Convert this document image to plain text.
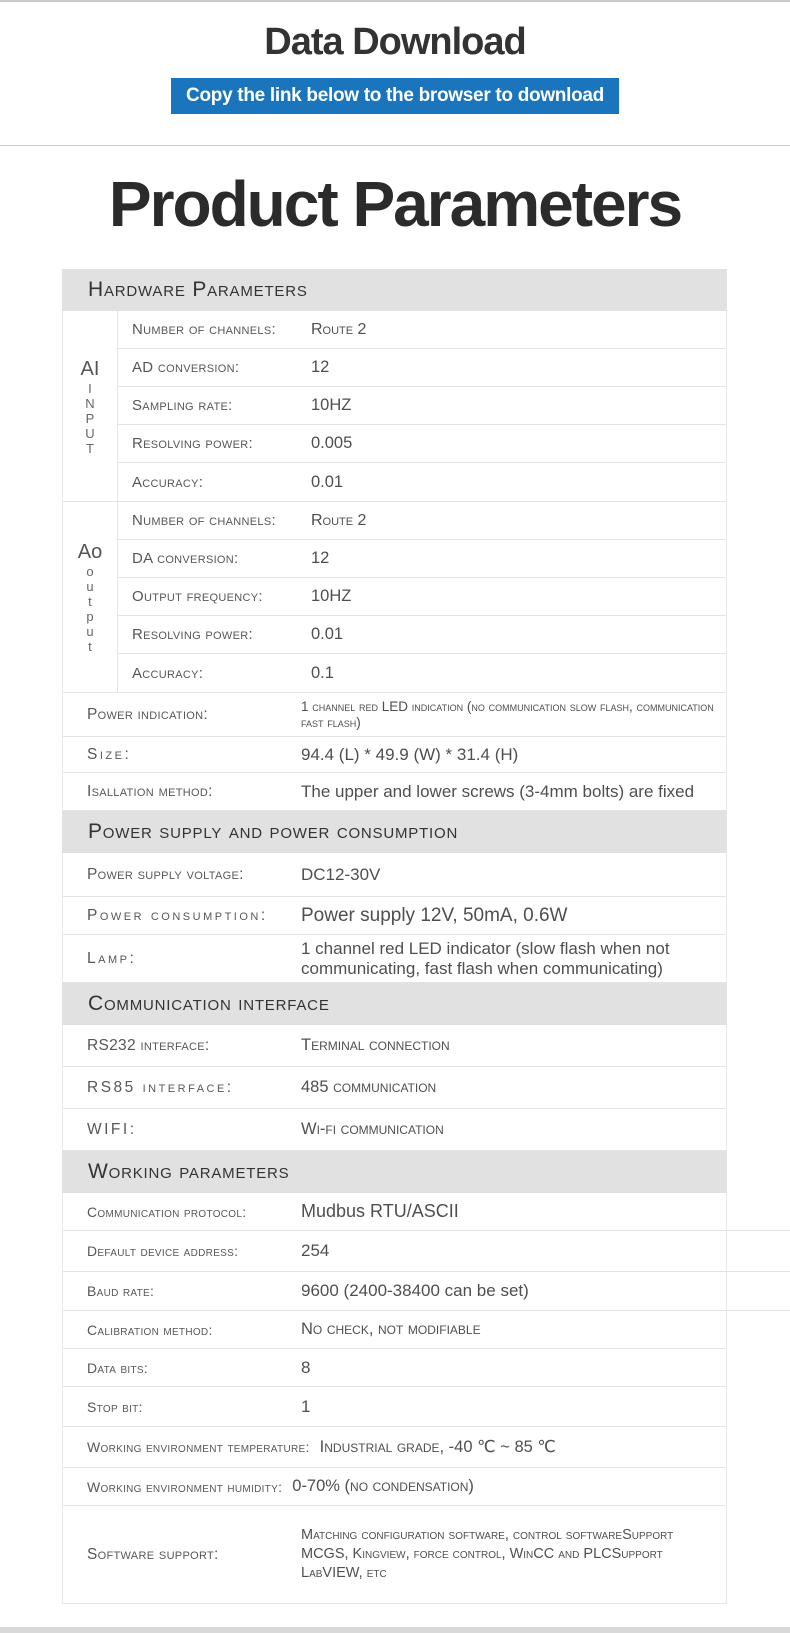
Data Download
Copy the link below to the browser to download
Product Parameters
Hardware Parameters
AI
I
N
P
U
T
Number of channels:	Route 2
AD conversion:	12
Sampling rate:	10HZ
Resolving power:	0.005
Accuracy:	0.01
Ao
o
u
t
p
u
t
Number of channels:	Route 2
DA conversion:	12
Output frequency:	10HZ
Resolving power:	0.01
Accuracy:	0.1
Power indication:	1 channel red LED indication (no communication slow flash, communication fast flash)
Size:	94.4 (L) * 49.9 (W) * 31.4 (H)
Isallation method:	The upper and lower screws (3-4mm bolts) are fixed
Power supply and power consumption
Power supply voltage:	DC12-30V
Power consumption:	Power supply 12V, 50mA, 0.6W
Lamp:
1 channel red LED indicator (slow flash when not communicating, fast flash when communicating)
Communication interface
RS232 interface:	Terminal connection
RS85 interface:	485 communication
WIFI:	Wi-fi communication
Working parameters
Communication protocol:	Mudbus RTU/ASCII
Default device address:	254
Baud rate:	9600 (2400-38400 can be set)
Calibration method:	No check, not modifiable
Data bits:	8
Stop bit:	1
Working environment temperature: Industrial grade, -40 ℃ ~ 85 ℃
Working environment humidity: 0-70% (no condensation)
Software support:
Matching configuration software, control softwareSupport MCGS, Kingview, force control, WinCC and PLCSupport LabVIEW, etc
